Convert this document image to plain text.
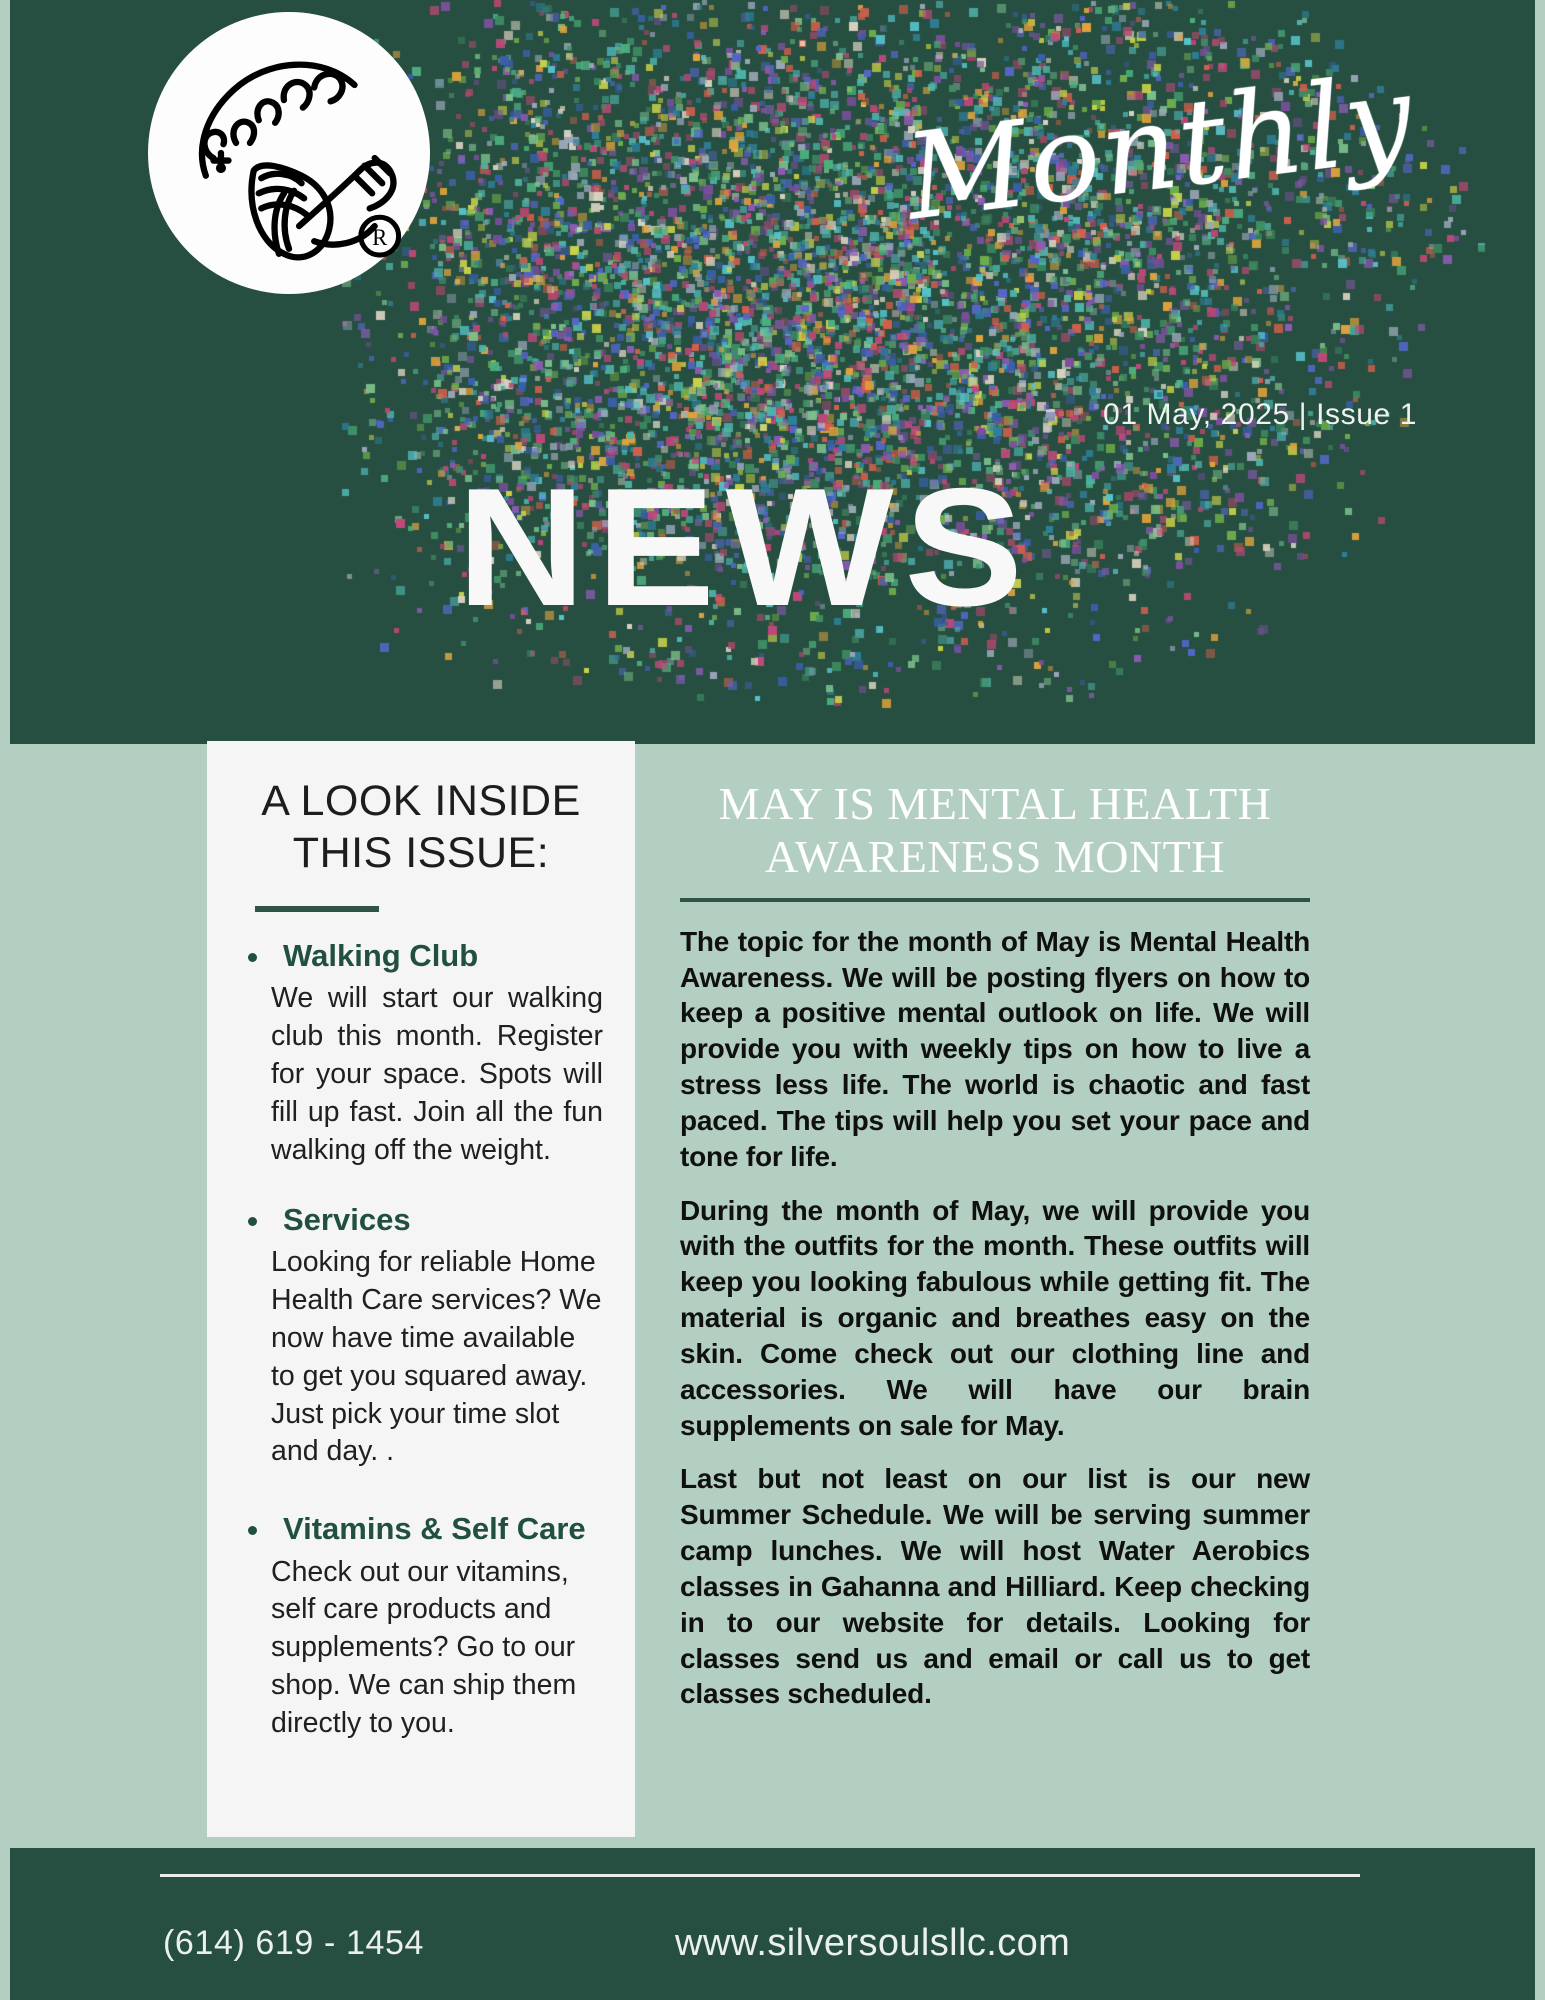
R	Monthly
01 May, 2025 | Issue 1
NEWS
A LOOK INSIDE THIS ISSUE:
• Walking Club
We will start our walking club this month. Register for your space. Spots will fill up fast. Join all the fun walking off the weight.
• Services
Looking for reliable Home Health Care services? We now have time available to get you squared away. Just pick your time slot and day. .
• Vitamins & Self Care
Check out our vitamins, self care products and supplements? Go to our shop. We can ship them directly to you.
MAY IS MENTAL HEALTH AWARENESS MONTH

The topic for the month of May is Mental Health Awareness. We will be posting flyers on how to keep a positive mental outlook on life. We will provide you with weekly tips on how to live a stress less life. The world is chaotic and fast paced. The tips will help you set your pace and tone for life.

During the month of May, we will provide you with the outfits for the month. These outfits will keep you looking fabulous while getting fit. The material is organic and breathes easy on the skin. Come check out our clothing line and accessories. We will have our brain supplements on sale for May.

Last but not least on our list is our new Summer Schedule. We will be serving summer camp lunches. We will host Water Aerobics classes in Gahanna and Hilliard. Keep checking in to our website for details. Looking for classes send us and email or call us to get classes scheduled.

(614) 619 - 1454	www.silversoulsllc.com
